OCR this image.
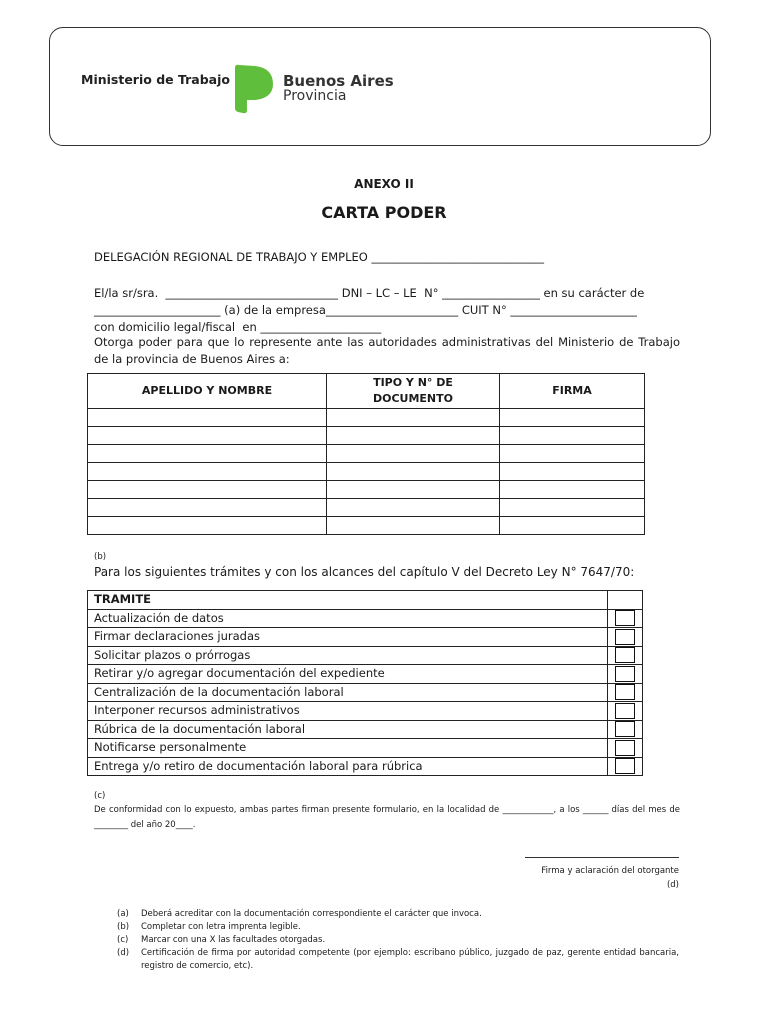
Ministerio de Trabajo	Buenos Aires
Provincia
ANEXO II
CARTA PODER
DELEGACIÓN REGIONAL DE TRABAJO Y EMPLEO ______________________________
El/la sr/sra.  ______________________________ DNI – LC – LE  N° _________________ en su carácter de
______________________ (a) de la empresa_______________________ CUIT N° ______________________
con domicilio legal/fiscal  en _____________________
Otorga poder para que lo represente ante las autoridades administrativas del Ministerio de Trabajo de la provincia de Buenos Aires a:
APELLIDO Y NOMBRE	TIPO Y N° DE DOCUMENTO	FIRMA

(b)
Para los siguientes trámites y con los alcances del capítulo V del Decreto Ley N° 7647/70:
TRAMITE	
Actualización de datos	

Firmar declaraciones juradas	

Solicitar plazos o prórrogas	

Retirar y/o agregar documentación del expediente	

Centralización de la documentación laboral	

Interponer recursos administrativos	

Rúbrica de la documentación laboral	

Notificarse personalmente	

Entrega y/o retiro de documentación laboral para rúbrica	
(c)
De conformidad con lo expuesto, ambas partes firman presente formulario, en la localidad de ____________, a los ______ días del mes de ________ del año 20____.
Firma y aclaración del otorgante
(d)
(a)	Deberá acreditar con la documentación correspondiente el carácter que invoca.
(b)	Completar con letra imprenta legible.
(c)	Marcar con una X las facultades otorgadas.
(d)	Certificación de firma por autoridad competente (por ejemplo: escribano público, juzgado de paz, gerente entidad bancaria, registro de comercio, etc).
